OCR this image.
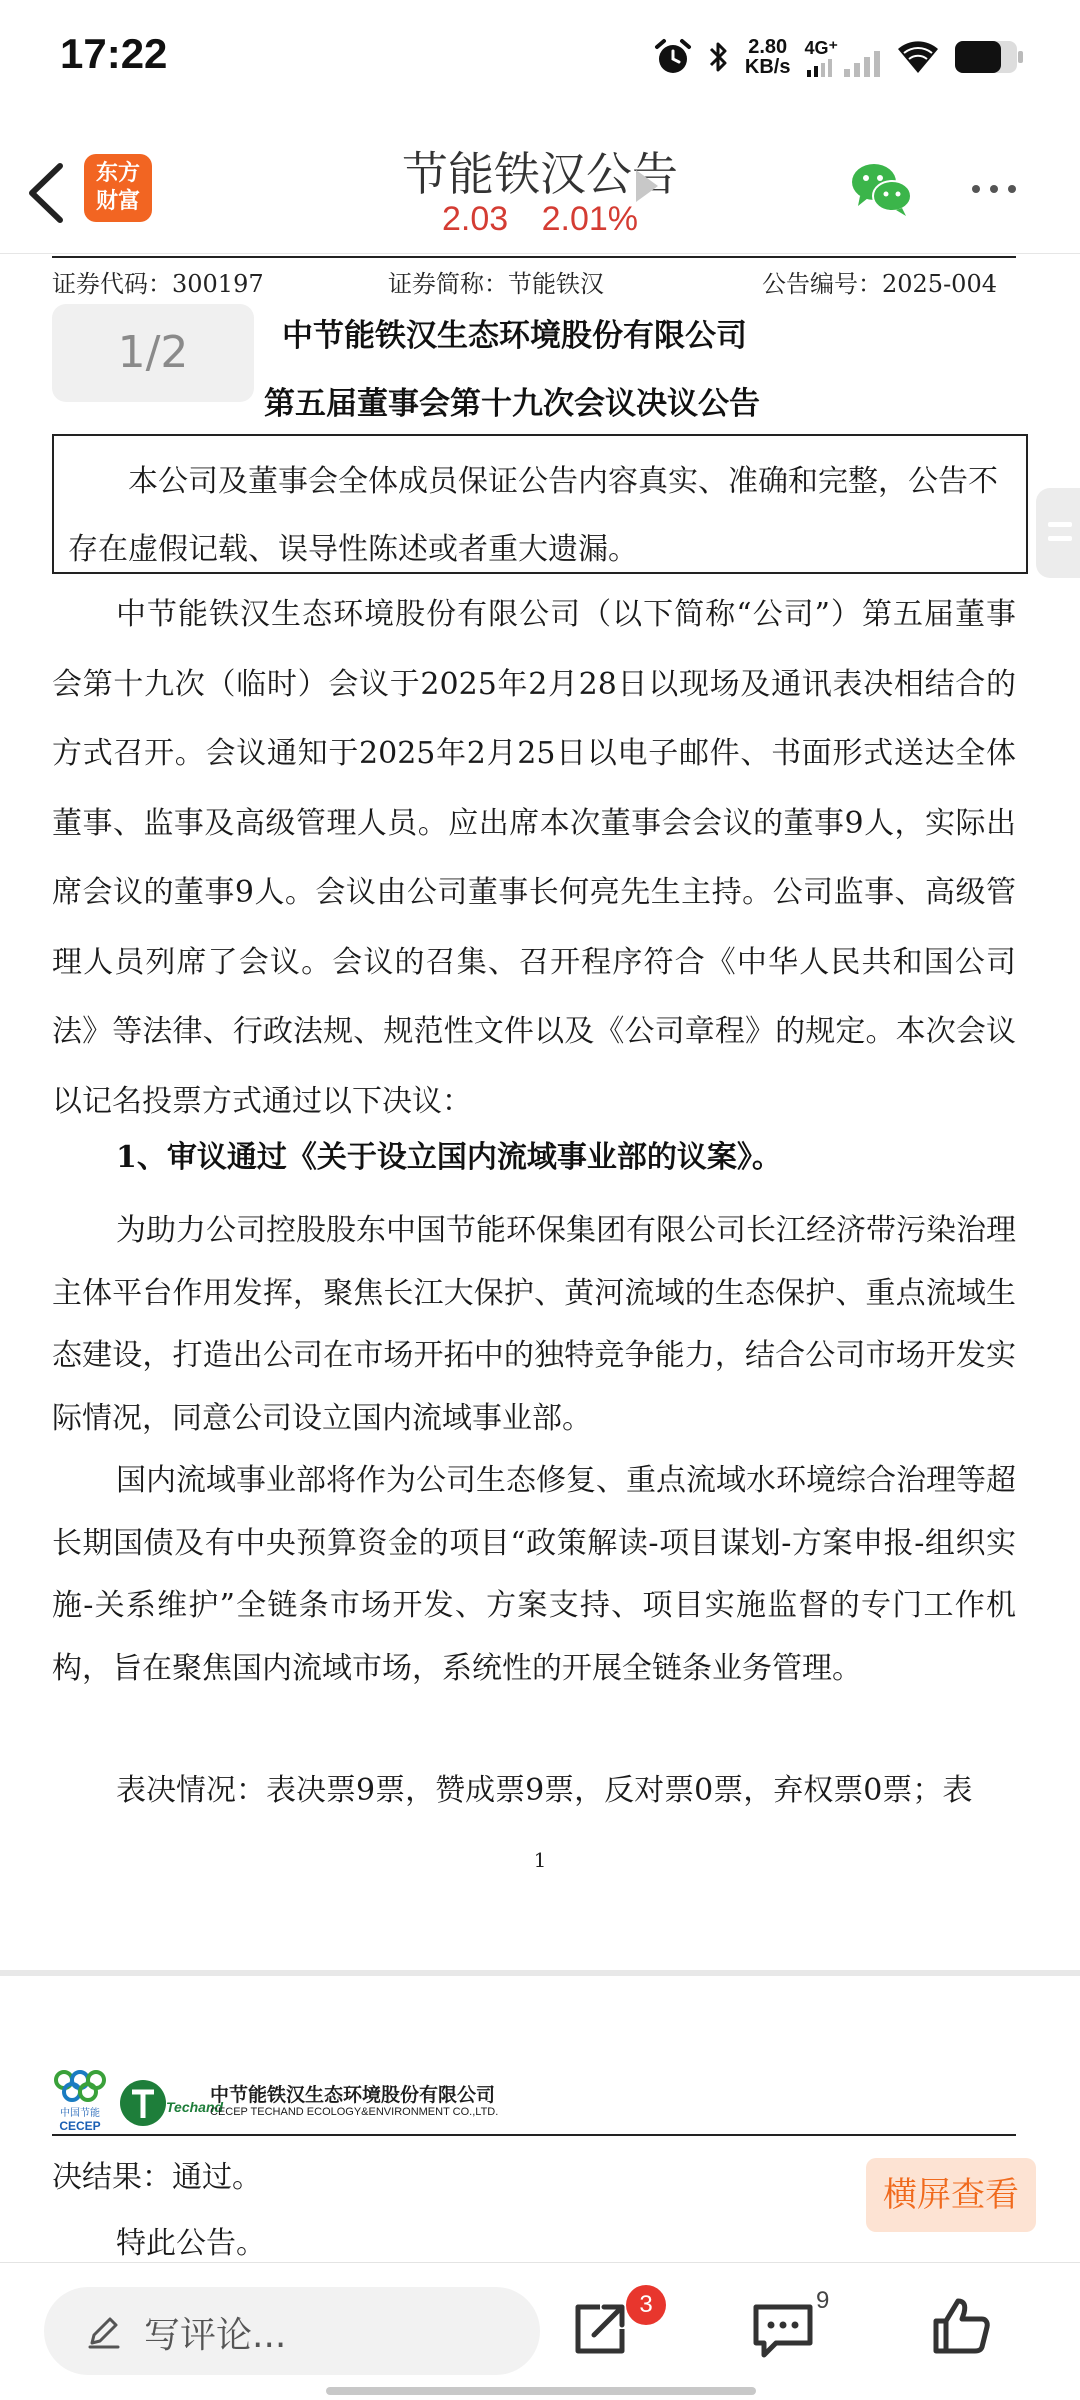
17:22	2.80
KB/s
4G⁺
东方
财富
节能铁汉公告
2.03 2.01%
证券代码：300197	证券简称：节能铁汉	公告编号：2025-004
1/2	中节能铁汉生态环境股份有限公司
第五届董事会第十九次会议决议公告
本公司及董事会全体成员保证公告内容真实、准确和完整，公告不存在虚假记载、误导性陈述或者重大遗漏。
中节能铁汉生态环境股份有限公司（以下简称“公司”）第五届董事会第十九次（临时）会议于2025年2月28日以现场及通讯表决相结合的方式召开。会议通知于2025年2月25日以电子邮件、书面形式送达全体董事、监事及高级管理人员。应出席本次董事会会议的董事9人，实际出席会议的董事9人。会议由公司董事长何亮先生主持。公司监事、高级管理人员列席了会议。会议的召集、召开程序符合《中华人民共和国公司法》等法律、行政法规、规范性文件以及《公司章程》的规定。本次会议以记名投票方式通过以下决议：
1、审议通过《关于设立国内流域事业部的议案》。
为助力公司控股股东中国节能环保集团有限公司长江经济带污染治理主体平台作用发挥，聚焦长江大保护、黄河流域的生态保护、重点流域生态建设，打造出公司在市场开拓中的独特竞争能力，结合公司市场开发实际情况，同意公司设立国内流域事业部。
国内流域事业部将作为公司生态修复、重点流域水环境综合治理等超长期国债及有中央预算资金的项目“政策解读-项目谋划-方案申报-组织实施-关系维护”全链条市场开发、方案支持、项目实施监督的专门工作机构，旨在聚焦国内流域市场，系统性的开展全链条业务管理。
表决情况：表决票9票，赞成票9票，反对票0票，弃权票0票；表
1
中国节能
CECEP
Techand
中节能铁汉生态环境股份有限公司
CECEP TECHAND ECOLOGY&ENVIRONMENT CO.,LTD.
决结果：通过。
特此公告。
横屏查看
写评论...
3	9
